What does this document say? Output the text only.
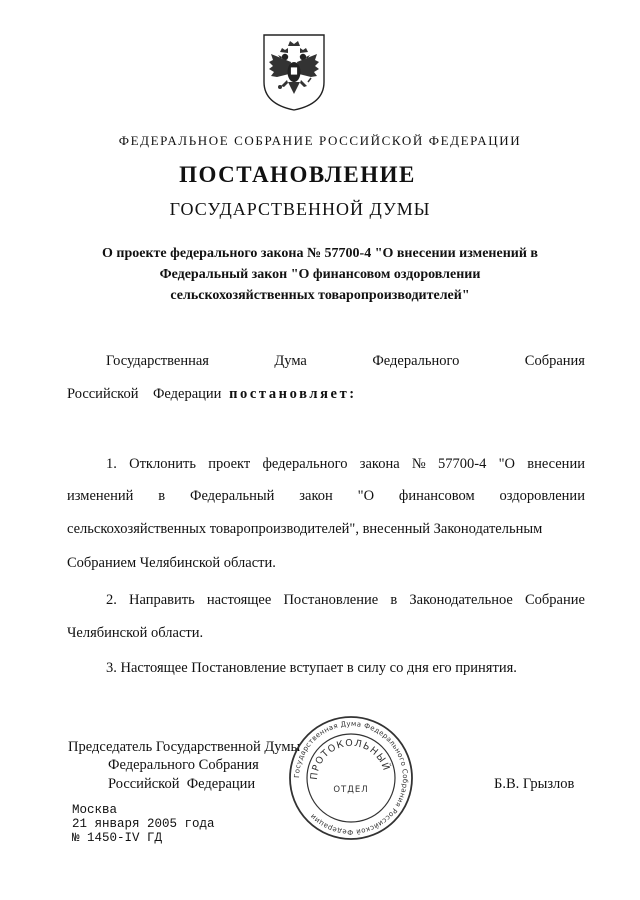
ФЕДЕРАЛЬНОЕ СОБРАНИЕ РОССИЙСКОЙ ФЕДЕРАЦИИ
ПОСТАНОВЛЕНИЕ
ГОСУДАРСТВЕННОЙ ДУМЫ
О проекте федерального закона № 57700-4 "О внесении изменений в
Федеральный закон "О финансовом оздоровлении
сельскохозяйственных товаропроизводителей"
Государственная	Дума	Федерального	Собрания
Российской    Федерации постановляет:
1. Отклонить проект федерального закона № 57700-4 "О внесении
изменений в Федеральный закон "О финансовом оздоровлении
сельскохозяйственных товаропроизводителей", внесенный Законодательным
Собранием Челябинской области.
2. Направить настоящее Постановление в Законодательное Собрание
Челябинской области.
3. Настоящее Постановление вступает в силу со дня его принятия.
Председатель Государственной Думы
Федерального Собрания
Российской  Федерации	Б.В. Грызлов
Государственная Дума Федерального Собрания Российской Федерации
ПРОТОКОЛЬНЫЙ
ОТДЕЛ
Москва
21 января 2005 года
№ 1450-IV ГД
